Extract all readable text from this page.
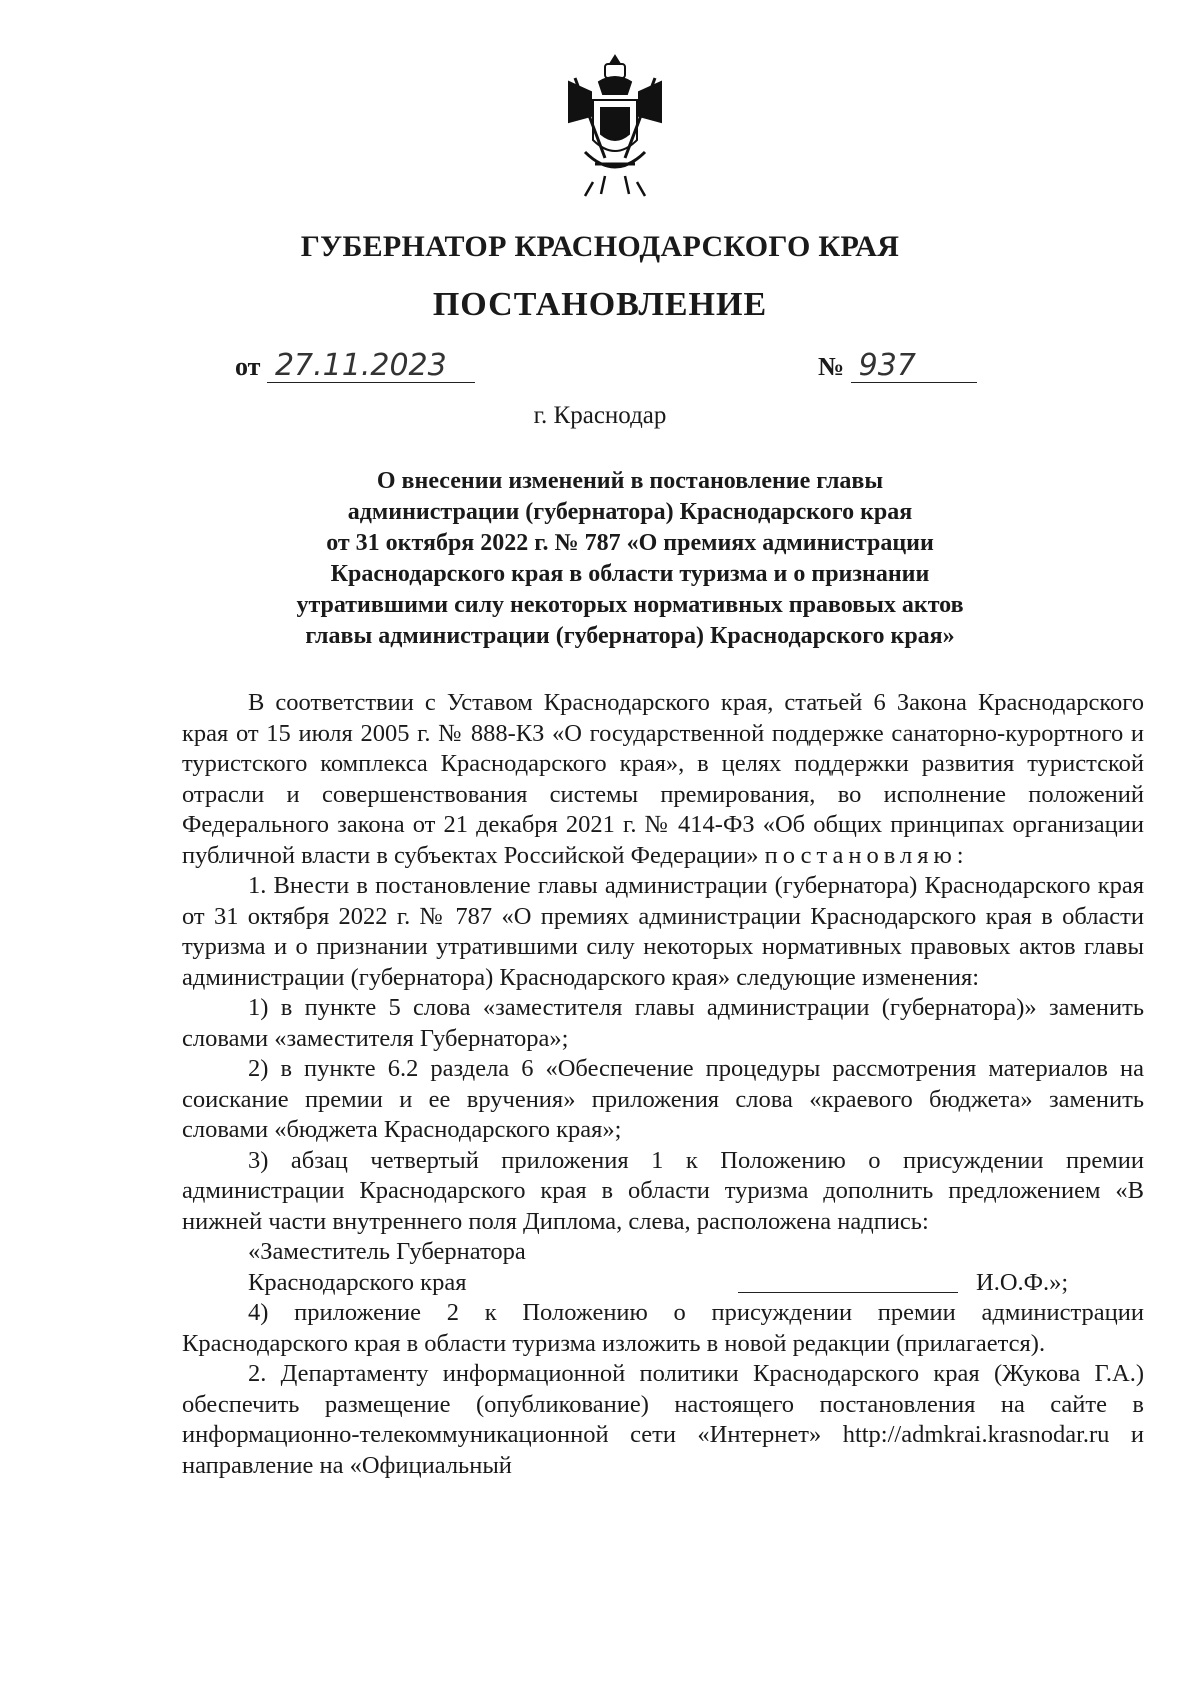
ГУБЕРНАТОР КРАСНОДАРСКОГО КРАЯ
ПОСТАНОВЛЕНИЕ
от 27.11.2023	№ 937
г. Краснодар
О внесении изменений в постановление главы
администрации (губернатора) Краснодарского края
от 31 октября 2022 г. № 787 «О премиях администрации
Краснодарского края в области туризма и о признании
утратившими силу некоторых нормативных правовых актов
главы администрации (губернатора) Краснодарского края»

В соответствии с Уставом Краснодарского края, статьей 6 Закона Краснодарского края от 15 июля 2005 г. № 888-КЗ «О государственной поддержке санаторно-курортного и туристского комплекса Краснодарского края», в целях поддержки развития туристской отрасли и совершенствования системы премирования, во исполнение положений Федерального закона от 21 декабря 2021 г. № 414-ФЗ «Об общих принципах организации публичной власти в субъектах Российской Федерации» постановляю:

1. Внести в постановление главы администрации (губернатора) Краснодарского края от 31 октября 2022 г. № 787 «О премиях администрации Краснодарского края в области туризма и о признании утратившими силу некоторых нормативных правовых актов главы администрации (губернатора) Краснодарского края» следующие изменения:

1) в пункте 5 слова «заместителя главы администрации (губернатора)» заменить словами «заместителя Губернатора»;

2) в пункте 6.2 раздела 6 «Обеспечение процедуры рассмотрения материалов на соискание премии и ее вручения» приложения слова «краевого бюджета» заменить словами «бюджета Краснодарского края»;

3) абзац четвертый приложения 1 к Положению о присуждении премии администрации Краснодарского края в области туризма дополнить предложением «В нижней части внутреннего поля Диплома, слева, расположена надпись:

«Заместитель Губернатора

Краснодарского края	И.О.Ф.»;

4) приложение 2 к Положению о присуждении премии администрации Краснодарского края в области туризма изложить в новой редакции (прилагается).

2. Департаменту информационной политики Краснодарского края (Жукова Г.А.) обеспечить размещение (опубликование) настоящего постановления на сайте в информационно-телекоммуникационной сети «Интернет» http://admkrai.krasnodar.ru и направление на «Официальный
